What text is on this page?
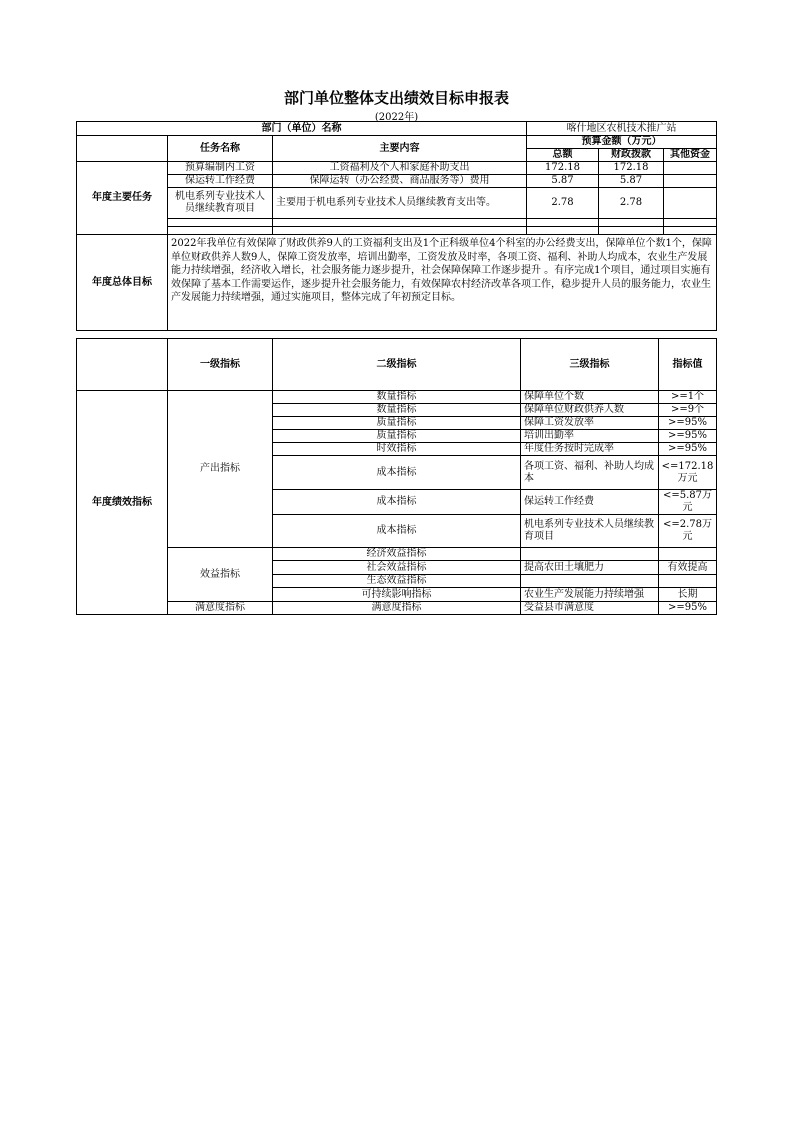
部门单位整体支出绩效目标申报表
(2022年)
部门（单位）名称			喀什地区农机技术推广站		
	任务名称	主要内容	预算金额（万元）		
			总额	财政拨款	其他资金
年度主要任务	预算编制内工资	工资福利及个人和家庭补助支出	172.18	172.18	
	保运转工作经费	保障运转（办公经费、商品服务等）费用	5.87	5.87	
	机电系列专业技术人员继续教育项目	主要用于机电系列专业技术人员继续教育支出等。	2.78	2.78	

年度总体目标	2022年我单位有效保障了财政供养9人的工资福利支出及1个正科级单位4个科室的办公经费支出，保障单位个数1个，保障单位财政供养人数9人，保障工资发放率，培训出勤率，工资发放及时率，各项工资、福利、补助人均成本，农业生产发展能力持续增强，经济收入增长，社会服务能力逐步提升，社会保障保障工作逐步提升 。有序完成1个项目，通过项目实施有效保障了基本工作需要运作，逐步提升社会服务能力，有效保障农村经济改革各项工作，稳步提升人员的服务能力，农业生产发展能力持续增强，通过实施项目，整体完成了年初预定目标。				
	一级指标	二级指标	三级指标	指标值
年度绩效指标	产出指标	数量指标	保障单位个数	>=1个
		数量指标	保障单位财政供养人数	>=9个
		质量指标	保障工资发放率	>=95%
		质量指标	培训出勤率	>=95%
		时效指标	年度任务按时完成率	>=95%
		成本指标	各项工资、福利、补助人均成本	<=172.18万元
		成本指标	保运转工作经费	<=5.87万元
		成本指标	机电系列专业技术人员继续教育项目	<=2.78万元
	效益指标	经济效益指标		
		社会效益指标	提高农田土壤肥力	有效提高
		生态效益指标		
		可持续影响指标	农业生产发展能力持续增强	长期
	满意度指标	满意度指标	受益县市满意度	>=95%
